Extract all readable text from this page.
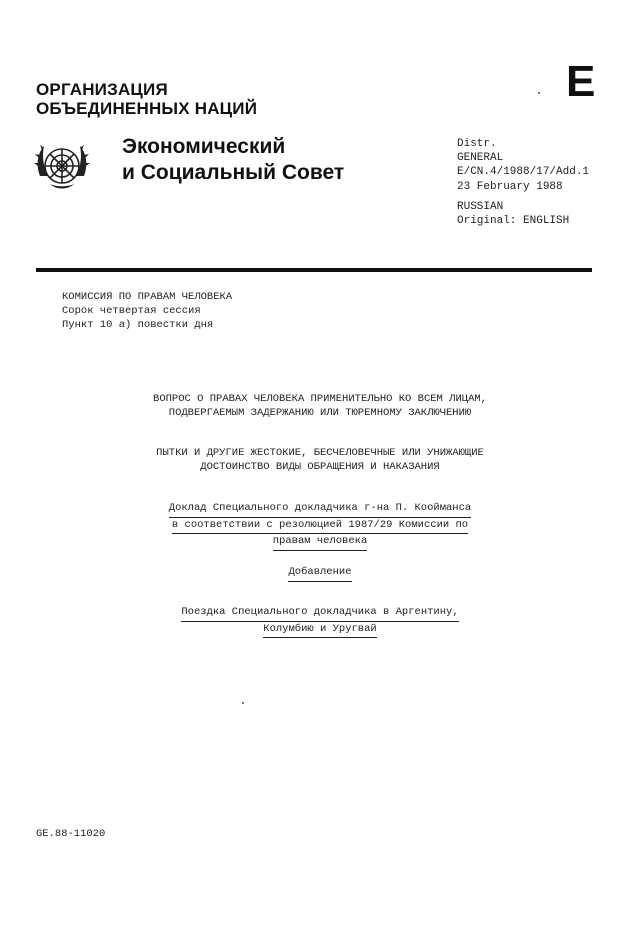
ОРГАНИЗАЦИЯ
ОБЪЕДИНЕННЫХ НАЦИЙ
E
Экономический
и Социальный Совет
Distr.
GENERAL
E/CN.4/1988/17/Add.1
23 February 1988
RUSSIAN
Original: ENGLISH
КОМИССИЯ ПО ПРАВАМ ЧЕЛОВЕКА
Сорок четвертая сессия
Пункт 10 а) повестки дня
ВОПРОС О ПРАВАХ ЧЕЛОВЕКА ПРИМЕНИТЕЛЬНО КО ВСЕМ ЛИЦАМ,
ПОДВЕРГАЕМЫМ ЗАДЕРЖАНИЮ ИЛИ ТЮРЕМНОМУ ЗАКЛЮЧЕНИЮ
ПЫТКИ И ДРУГИЕ ЖЕСТОКИЕ, БЕСЧЕЛОВЕЧНЫЕ ИЛИ УНИЖАЮЩИЕ
ДОСТОИНСТВО ВИДЫ ОБРАЩЕНИЯ И НАКАЗАНИЯ
Доклад Специального докладчика г-на П. Коойманса
в соответствии с резолюцией 1987/29 Комиссии по
правам человека
Добавление
Поездка Специального докладчика в Аргентину,
Колумбию и Уругвай
GE.88-11020
